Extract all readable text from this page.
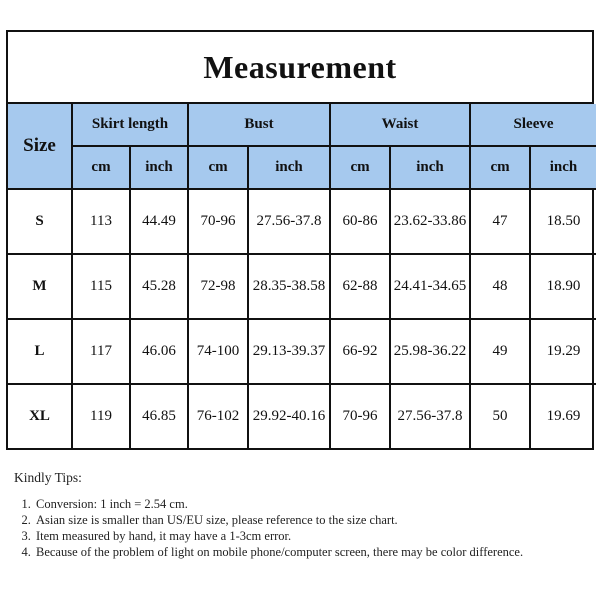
Measurement
Size	Skirt length		Bust		Waist		Sleeve	
	cm	inch	cm	inch	cm	inch	cm	inch
S	113	44.49	70-96	27.56-37.8	60-86	23.62-33.86	47	18.50
M	115	45.28	72-98	28.35-38.58	62-88	24.41-34.65	48	18.90
L	117	46.06	74-100	29.13-39.37	66-92	25.98-36.22	49	19.29
XL	119	46.85	76-102	29.92-40.16	70-96	27.56-37.8	50	19.69
Kindly Tips:
1. Conversion: 1 inch = 2.54 cm.
2. Asian size is smaller than US/EU size, please reference to the size chart.
3. Item measured by hand, it may have a 1-3cm error.
4. Because of the problem of light on mobile phone/computer screen, there may be color difference.
